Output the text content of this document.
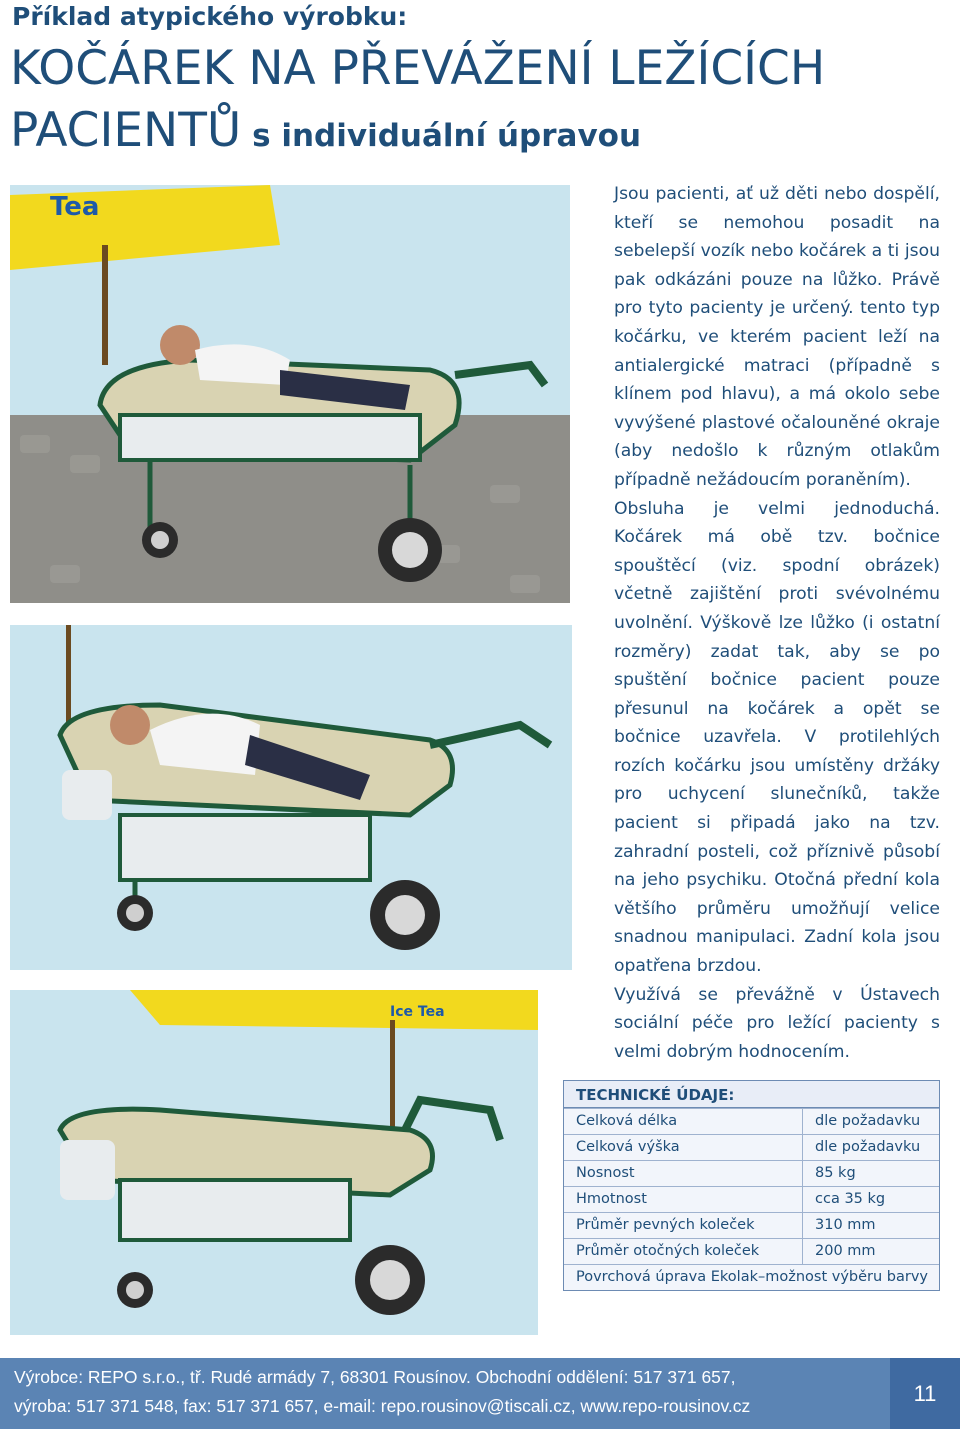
Příklad atypického výrobku:
KOČÁREK NA PŘEVÁŽENÍ LEŽÍCÍCH
PACIENTŮ s individuální úpravou
Tea
Ice Tea

Jsou pacienti, ať už děti nebo dospělí, kteří se nemohou posadit na sebelepší vozík nebo kočárek a ti jsou pak odkázáni pouze na lůžko. Právě pro tyto pacienty je určený. tento typ kočárku, ve kterém pacient leží na antialergické matraci (případně s klínem pod hlavu), a má okolo sebe vyvýšené plastové očalouněné okraje (aby nedošlo k různým otlakům případně nežádoucím poraněním).

Obsluha je velmi jednoduchá. Kočárek má obě tzv. bočnice spouštěcí (viz. spodní obrázek) včetně zajištění proti svévolnému uvolnění. Výškově lze lůžko (i ostatní rozměry) zadat tak, aby se po spuštění bočnice pacient pouze přesunul na kočárek a opět se bočnice uzavřela. V protilehlých rozích kočárku jsou umístěny držáky pro uchycení slunečníků, takže pacient si připadá jako na tzv. zahradní posteli, což příznivě působí na jeho psychiku. Otočná přední kola většího průměru umožňují velice snadnou manipulaci. Zadní kola jsou opatřena brzdou.

Využívá se převážně v Ústavech sociální péče pro ležící pacienty s velmi dobrým hodnocením.

TECHNICKÉ ÚDAJE:
Celková délka	dle požadavku
Celková výška	dle požadavku
Nosnost	85 kg
Hmotnost	cca 35 kg
Průměr pevných koleček	310 mm
Průměr otočných koleček	200 mm
Povrchová úprava Ekolak–možnost výběru barvy	
Výrobce: REPO s.r.o., tř. Rudé armády 7, 68301 Rousínov. Obchodní oddělení: 517 371 657,
výroba: 517 371 548, fax: 517 371 657, e-mail: repo.rousinov@tiscali.cz, www.repo-rousinov.cz	11
